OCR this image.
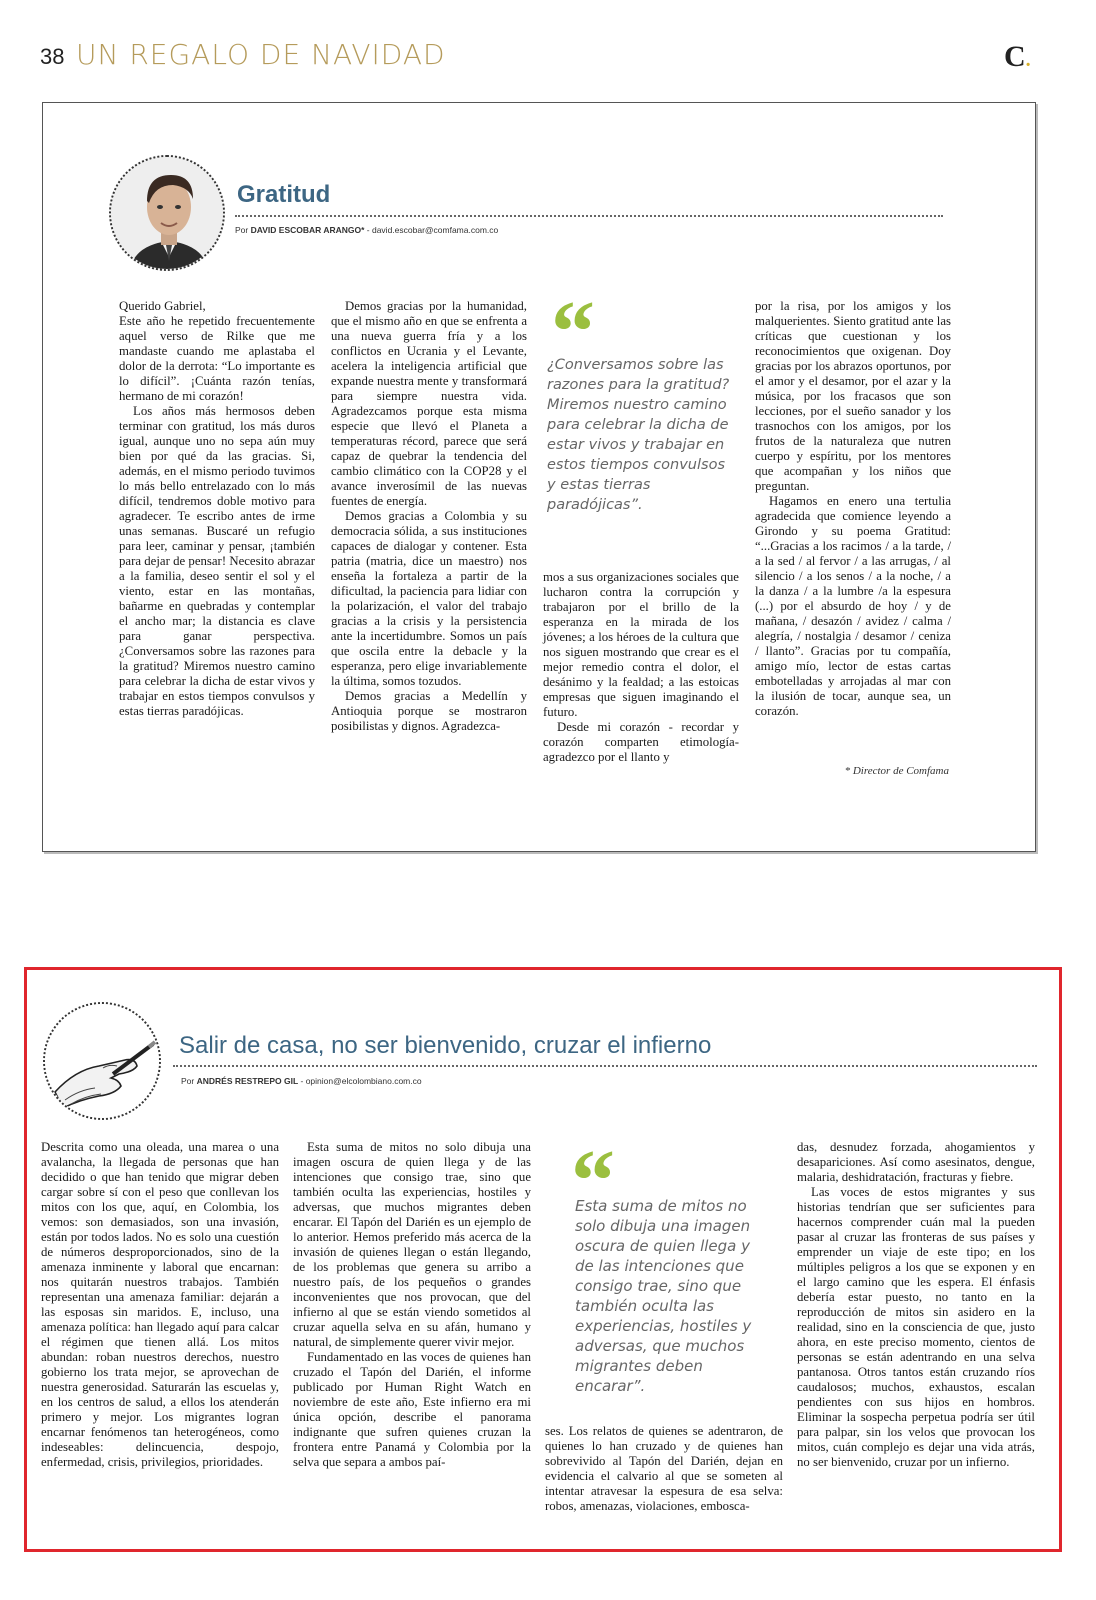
38 UN REGALO DE NAVIDAD	C.
Gratitud
Por DAVID ESCOBAR ARANGO* - david.escobar@comfama.com.co

Querido Gabriel,

Este año he repetido frecuentemente aquel verso de Rilke que me mandaste cuando me aplastaba el dolor de la derrota: “Lo importante es lo difícil”. ¡Cuánta razón tenías, hermano de mi corazón!

Los años más hermosos deben terminar con gratitud, los más duros igual, aunque uno no sepa aún muy bien por qué da las gracias. Si, además, en el mismo periodo tuvimos lo más bello entrelazado con lo más difícil, tendremos doble motivo para agradecer. Te escribo antes de irme unas semanas. Buscaré un refugio para leer, caminar y pensar, ¡también para dejar de pensar! Necesito abrazar a la familia, deseo sentir el sol y el viento, estar en las montañas, bañarme en quebradas y contemplar el ancho mar; la distancia es clave para ganar perspectiva. ¿Conversamos sobre las razones para la gratitud? Miremos nuestro camino para celebrar la dicha de estar vivos y trabajar en estos tiempos convulsos y estas tierras paradójicas.

Demos gracias por la humanidad, que el mismo año en que se enfrenta a una nueva guerra fría y a los conflictos en Ucrania y el Levante, acelera la inteligencia artificial que expande nuestra mente y transformará para siempre nuestra vida. Agradezcamos porque esta misma especie que llevó el Planeta a temperaturas récord, parece que será capaz de quebrar la tendencia del cambio climático con la COP28 y el avance inverosímil de las nuevas fuentes de energía.

Demos gracias a Colombia y su democracia sólida, a sus instituciones capaces de dialogar y contener. Esta patria (matria, dice un maestro) nos enseña la fortaleza a partir de la dificultad, la paciencia para lidiar con la polarización, el valor del trabajo gracias a la crisis y la persistencia ante la incertidumbre. Somos un país que oscila entre la debacle y la esperanza, pero elige invariablemente la última, somos tozudos.

Demos gracias a Medellín y Antioquia porque se mostraron posibilistas y dignos. Agradezca-

“
¿Conversamos sobre las razones para la gratitud? Miremos nuestro camino para celebrar la dicha de estar vivos y trabajar en estos tiempos convulsos y estas tierras paradójicas”.

mos a sus organizaciones sociales que lucharon contra la corrupción y trabajaron por el brillo de la esperanza en la mirada de los jóvenes; a los héroes de la cultura que nos siguen mostrando que crear es el mejor remedio contra el dolor, el desánimo y la fealdad; a las estoicas empresas que siguen imaginando el futuro.

Desde mi corazón - recordar y corazón comparten etimología- agradezco por el llanto y

por la risa, por los amigos y los malquerientes. Siento gratitud ante las críticas que cuestionan y los reconocimientos que oxigenan. Doy gracias por los abrazos oportunos, por el amor y el desamor, por el azar y la música, por los fracasos que son lecciones, por el sueño sanador y los trasnochos con los amigos, por los frutos de la naturaleza que nutren cuerpo y espíritu, por los mentores que acompañan y los niños que preguntan.

Hagamos en enero una tertulia agradecida que comience leyendo a Girondo y su poema Gratitud: “...Gracias a los racimos / a la tarde, / a la sed / al fervor / a las arrugas, / al silencio / a los senos / a la noche, / a la danza / a la lumbre /a la espesura (...) por el absurdo de hoy / y de mañana, / desazón / avidez / calma / alegría, / nostalgia / desamor / ceniza / llanto”. Gracias por tu compañía, amigo mío, lector de estas cartas embotelladas y arrojadas al mar con la ilusión de tocar, aunque sea, un corazón.

* Director de Comfama
Salir de casa, no ser bienvenido, cruzar el infierno
Por ANDRÉS RESTREPO GIL - opinion@elcolombiano.com.co

Descrita como una oleada, una marea o una avalancha, la llegada de personas que han decidido o que han tenido que migrar deben cargar sobre sí con el peso que conllevan los mitos con los que, aquí, en Colombia, los vemos: son demasiados, son una invasión, están por todos lados. No es solo una cuestión de números desproporcionados, sino de la amenaza inminente y laboral que encarnan: nos quitarán nuestros trabajos. También representan una amenaza familiar: dejarán a las esposas sin maridos. E, incluso, una amenaza política: han llegado aquí para calcar el régimen que tienen allá. Los mitos abundan: roban nuestros derechos, nuestro gobierno los trata mejor, se aprovechan de nuestra generosidad. Saturarán las escuelas y, en los centros de salud, a ellos los atenderán primero y mejor. Los migrantes logran encarnar fenómenos tan heterogéneos, como indeseables: delincuencia, despojo, enfermedad, crisis, privilegios, prioridades.

Esta suma de mitos no solo dibuja una imagen oscura de quien llega y de las intenciones que consigo trae, sino que también oculta las experiencias, hostiles y adversas, que muchos migrantes deben encarar. El Tapón del Darién es un ejemplo de lo anterior. Hemos preferido más acerca de la invasión de quienes llegan o están llegando, de los problemas que genera su arribo a nuestro país, de los pequeños o grandes inconvenientes que nos provocan, que del infierno al que se están viendo sometidos al cruzar aquella selva en su afán, humano y natural, de simplemente querer vivir mejor.

Fundamentado en las voces de quienes han cruzado el Tapón del Darién, el informe publicado por Human Right Watch en noviembre de este año, Este infierno era mi única opción, describe el panorama indignante que sufren quienes cruzan la frontera entre Panamá y Colombia por la selva que separa a ambos paí-

“
Esta suma de mitos no solo dibuja una imagen oscura de quien llega y de las intenciones que consigo trae, sino que también oculta las experiencias, hostiles y adversas, que muchos migrantes deben encarar”.

ses. Los relatos de quienes se adentraron, de quienes lo han cruzado y de quienes han sobrevivido al Tapón del Darién, dejan en evidencia el calvario al que se someten al intentar atravesar la espesura de esa selva: robos, amenazas, violaciones, embosca-

das, desnudez forzada, ahogamientos y desapariciones. Así como asesinatos, dengue, malaria, deshidratación, fracturas y fiebre.

Las voces de estos migrantes y sus historias tendrían que ser suficientes para hacernos comprender cuán mal la pueden pasar al cruzar las fronteras de sus países y emprender un viaje de este tipo; en los múltiples peligros a los que se exponen y en el largo camino que les espera. El énfasis debería estar puesto, no tanto en la reproducción de mitos sin asidero en la realidad, sino en la consciencia de que, justo ahora, en este preciso momento, cientos de personas se están adentrando en una selva pantanosa. Otros tantos están cruzando ríos caudalosos; muchos, exhaustos, escalan pendientes con sus hijos en hombros. Eliminar la sospecha perpetua podría ser útil para palpar, sin los velos que provocan los mitos, cuán complejo es dejar una vida atrás, no ser bienvenido, cruzar por un infierno.
